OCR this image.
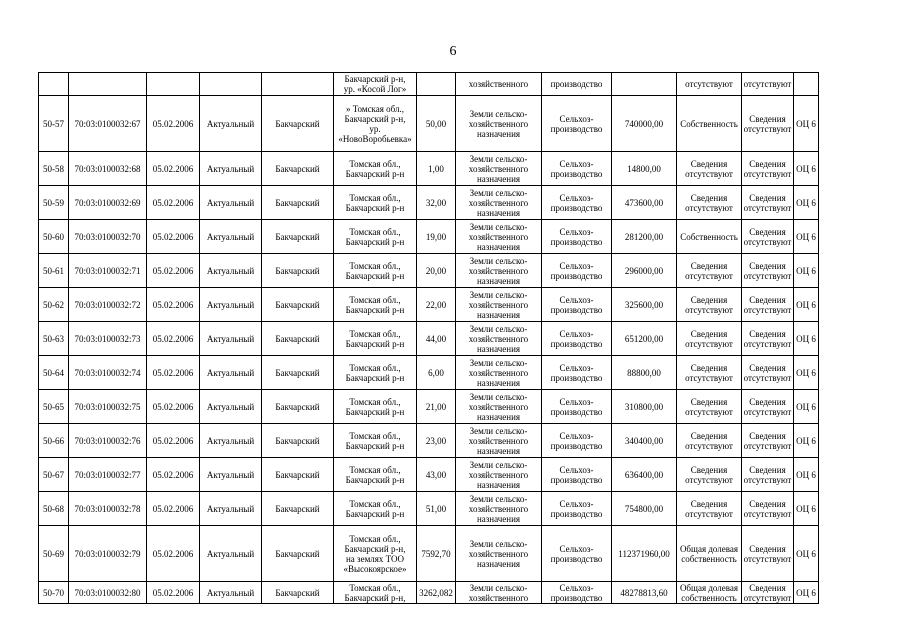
6
					Бакчарский р-н,
ур. «Косой Лог»		хозяйственного	производство		отсутствуют	отсутствуют	
50-57	70:03:0100032:67	05.02.2006	Актуальный	Бакчарский	» Томская обл.,
Бакчарский р-н,
ур.
«НовоВоробьевка»	50,00	Земли сельско-
хозяйственного
назначения	Сельхоз-
производство	740000,00	Собственность	Сведения
отсутствуют	ОЦ 6
50-58	70:03:0100032:68	05.02.2006	Актуальный	Бакчарский	Томская обл.,
Бакчарский р-н	1,00	Земли сельско-
хозяйственного
назначения	Сельхоз-
производство	14800,00	Сведения
отсутствуют	Сведения
отсутствуют	ОЦ 6
50-59	70:03:0100032:69	05.02.2006	Актуальный	Бакчарский	Томская обл.,
Бакчарский р-н	32,00	Земли сельско-
хозяйственного
назначения	Сельхоз-
производство	473600,00	Сведения
отсутствуют	Сведения
отсутствуют	ОЦ 6
50-60	70:03:0100032:70	05.02.2006	Актуальный	Бакчарский	Томская обл.,
Бакчарский р-н	19,00	Земли сельско-
хозяйственного
назначения	Сельхоз-
производство	281200,00	Собственность	Сведения
отсутствуют	ОЦ 6
50-61	70:03:0100032:71	05.02.2006	Актуальный	Бакчарский	Томская обл.,
Бакчарский р-н	20,00	Земли сельско-
хозяйственного
назначения	Сельхоз-
производство	296000,00	Сведения
отсутствуют	Сведения
отсутствуют	ОЦ 6
50-62	70:03:0100032:72	05.02.2006	Актуальный	Бакчарский	Томская обл.,
Бакчарский р-н	22,00	Земли сельско-
хозяйственного
назначения	Сельхоз-
производство	325600,00	Сведения
отсутствуют	Сведения
отсутствуют	ОЦ 6
50-63	70:03:0100032:73	05.02.2006	Актуальный	Бакчарский	Томская обл.,
Бакчарский р-н	44,00	Земли сельско-
хозяйственного
назначения	Сельхоз-
производство	651200,00	Сведения
отсутствуют	Сведения
отсутствуют	ОЦ 6
50-64	70:03:0100032:74	05.02.2006	Актуальный	Бакчарский	Томская обл.,
Бакчарский р-н	6,00	Земли сельско-
хозяйственного
назначения	Сельхоз-
производство	88800,00	Сведения
отсутствуют	Сведения
отсутствуют	ОЦ 6
50-65	70:03:0100032:75	05.02.2006	Актуальный	Бакчарский	Томская обл.,
Бакчарский р-н	21,00	Земли сельско-
хозяйственного
назначения	Сельхоз-
производство	310800,00	Сведения
отсутствуют	Сведения
отсутствуют	ОЦ 6
50-66	70:03:0100032:76	05.02.2006	Актуальный	Бакчарский	Томская обл.,
Бакчарский р-н	23,00	Земли сельско-
хозяйственного
назначения	Сельхоз-
производство	340400,00	Сведения
отсутствуют	Сведения
отсутствуют	ОЦ 6
50-67	70:03:0100032:77	05.02.2006	Актуальный	Бакчарский	Томская обл.,
Бакчарский р-н	43,00	Земли сельско-
хозяйственного
назначения	Сельхоз-
производство	636400,00	Сведения
отсутствуют	Сведения
отсутствуют	ОЦ 6
50-68	70:03:0100032:78	05.02.2006	Актуальный	Бакчарский	Томская обл.,
Бакчарский р-н	51,00	Земли сельско-
хозяйственного
назначения	Сельхоз-
производство	754800,00	Сведения
отсутствуют	Сведения
отсутствуют	ОЦ 6
50-69	70:03:0100032:79	05.02.2006	Актуальный	Бакчарский	Томская обл.,
Бакчарский р-н,
на землях ТОО
«Высокоярское»	7592,70	Земли сельско-
хозяйственного
назначения	Сельхоз-
производство	112371960,00	Общая долевая
собственность	Сведения
отсутствуют	ОЦ 6
50-70	70:03:0100032:80	05.02.2006	Актуальный	Бакчарский	Томская обл.,
Бакчарский р-н,	3262,082	Земли сельско-
хозяйственного	Сельхоз-
производство	48278813,60	Общая долевая
собственность	Сведения
отсутствуют	ОЦ 6
